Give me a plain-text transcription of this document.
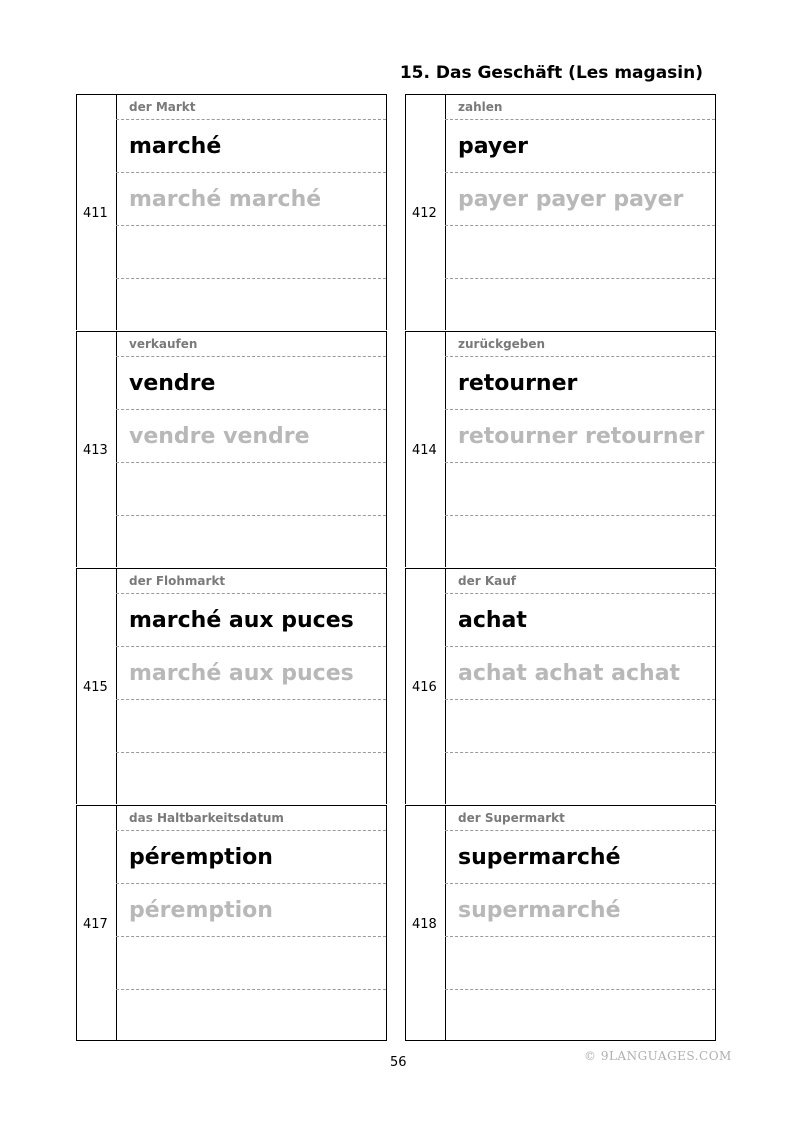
15. Das Geschäft (Les magasin)
411
der Markt
marché
marché marché
412
zahlen
payer
payer payer payer
413
verkaufen
vendre
vendre vendre
414
zurückgeben
retourner
retourner retourner
415
der Flohmarkt
marché aux puces
marché aux puces
416
der Kauf
achat
achat achat achat
417
das Haltbarkeitsdatum
péremption
péremption
418
der Supermarkt
supermarché
supermarché
56	© 9LANGUAGES.COM
